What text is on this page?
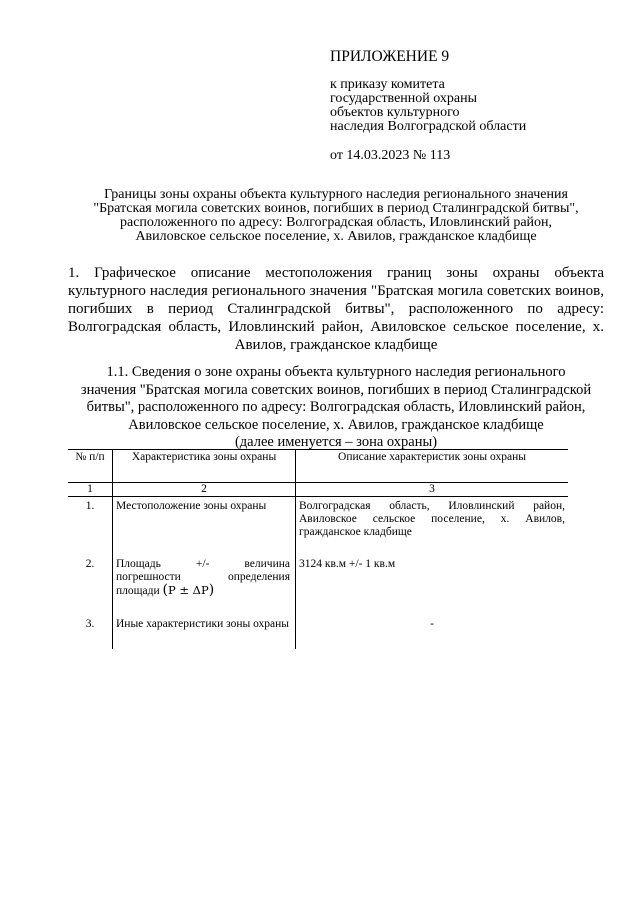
ПРИЛОЖЕНИЕ 9
к приказу комитета
государственной охраны
объектов культурного
наследия Волгоградской области
от 14.03.2023 № 113
Границы зоны охраны объекта культурного наследия регионального значения
"Братская могила советских воинов, погибших в период Сталинградской битвы",
расположенного по адресу: Волгоградская область, Иловлинский район,
Авиловское сельское поселение, х. Авилов, гражданское кладбище
1. Графическое описание местоположения границ зоны охраны объекта культурного наследия регионального значения "Братская могила советских воинов, погибших в период Сталинградской битвы", расположенного по адресу: Волгоградская область, Иловлинский район, Авиловское сельское поселение, х. Авилов, гражданское кладбище
1.1. Сведения о зоне охраны объекта культурного наследия регионального
значения "Братская могила советских воинов, погибших в период Сталинградской
битвы", расположенного по адресу: Волгоградская область, Иловлинский район,
Авиловское сельское поселение, х. Авилов, гражданское кладбище
(далее именуется – зона охраны)
№ п/п	Характеристика зоны охраны	Описание характеристик зоны охраны
1	2	3
1.	Местоположение зоны охраны	Волгоградская область, Иловлинский район, Авиловское сельское поселение, х. Авилов, гражданское кладбище
2.	Площадь +/- величина погрешности определения площади (P ± ΔP)	3124 кв.м +/- 1 кв.м
3.	Иные характеристики зоны охраны	-
